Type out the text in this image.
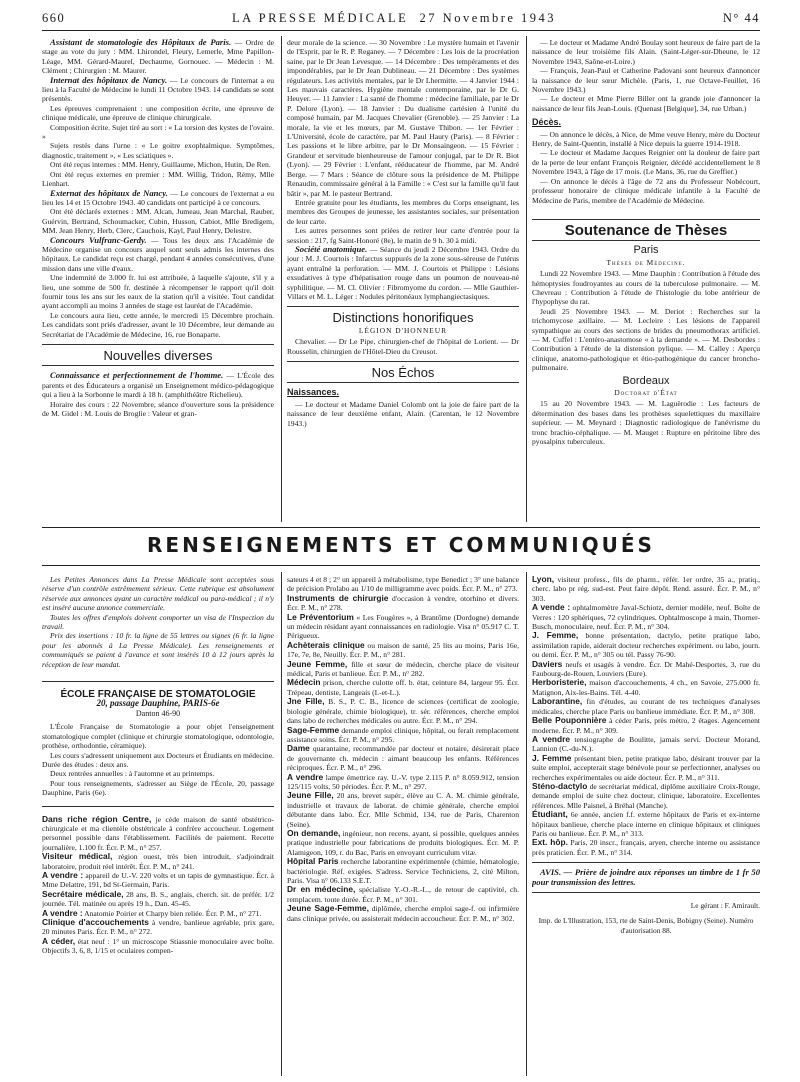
660	LA PRESSE MÉDICALE 27 Novembre 1943	N° 44

Assistant de stomatologie des Hôpitaux de Paris. — Ordre de stage au vote du jury : MM. Lhirondel, Fleury, Lemerle, Mme Papillon-Léage, MM. Gérard-Maurel, Dechaume, Gornouec. — Médecin : M. Clément ; Chirurgien : M. Maurer.

Internat des hôpitaux de Nancy. — Le concours de l'internat a eu lieu à la Faculté de Médecine le lundi 11 Octobre 1943. 14 candidats se sont présentés.

Les épreuves comprenaient : une composition écrite, une épreuve de clinique médicale, une épreuve de clinique chirurgicale.

Composition écrite. Sujet tiré au sort : « La torsion des kystes de l'ovaire. »

Sujets restés dans l'urne : « Le goitre exophtalmique. Symptômes, diagnostic, traitement », « Les sciatiques ».

Ont été reçus internes : MM. Henry, Guillaume, Michon, Hutin, De Ren.

Ont été reçus externes en premier : MM. Willig, Tridon, Rémy, Mlle Lienhart.

Externat des hôpitaux de Nancy. — Le concours de l'externat a eu lieu les 14 et 15 Octobre 1943. 40 candidats ont participé à ce concours.

Ont été déclarés externes : MM. Alcan, Jumeau, Jean Marchal, Rauber, Guérvin, Bertrand, Schoumacker, Cubin, Husson, Cabiot, Mlle Bredigem, MM. Jean Henry, Herb, Clerc, Cauchois, Kayl, Paul Henry, Delestre.

Concours Vulfranc-Gerdy. — Tous les deux ans l'Académie de Médecine organise un concours auquel sont seuls admis les internes des hôpitaux. Le candidat reçu est chargé, pendant 4 années consécutives, d'une mission dans une ville d'eaux.

Une indemnité de 3.000 fr. lui est attribuée, à laquelle s'ajoute, s'il y a lieu, une somme de 500 fr. destinée à récompenser le rapport qu'il doit fournir tous les ans sur les eaux de la station qu'il a visitée. Tout candidat ayant accompli au moins 3 années de stage est lauréat de l'Académie.

Le concours aura lieu, cette année, le mercredi 15 Décembre prochain. Les candidats sont priés d'adresser, avant le 10 Décembre, leur demande au Secrétariat de l'Académie de Médecine, 16, rue Bonaparte.

Nouvelles diverses

Connaissance et perfectionnement de l'homme. — L'École des parents et des Éducateurs a organisé un Enseignement médico-pédagogique qui a lieu à la Sorbonne le mardi à 18 h. (amphithéâtre Richelieu).

Horaire des cours : 22 Novembre, séance d'ouverture sous la présidence de M. Gidel : M. Louis de Broglie : Valeur et gran-

deur morale de la science. — 30 Novembre : Le mystère humain et l'avenir de l'Esprit, par le R. P. Reganey. — 7 Décembre : Les lois de la procréation saine, par le Dr Jean Levesque. — 14 Décembre : Des tempéraments et des impondérables, par le Dr Jean Dublineau. — 21 Décembre : Des systèmes régulateurs. Les activités mentales, par le Dr Lhermitte. — 4 Janvier 1944 : Les mauvais caractères. Hygiène mentale contemporaine, par le Dr G. Heuyer. — 11 Janvier : La santé de l'homme : médecine familiale, par le Dr P. Delore (Lyon). — 18 Janvier : Du dualisme cartésien à l'unité du composé humain, par M. Jacques Chevalier (Grenoble). — 25 Janvier : La morale, la vie et les mœurs, par M. Gustave Thibon. — 1er Février : L'Université, école de caractère, par M. Paul Haury (Paris). — 8 Février : Les passions et le libre arbitre, par le Dr Monsaingeon. — 15 Février : Grandeur et servitude bienheureuse de l'amour conjugal, par le Dr R. Biot (Lyon). — 29 Février : L'enfant, rééducateur de l'homme, par M. André Berge. — 7 Mars : Séance de clôture sous la présidence de M. Philippe Renaudin, commissaire général à la Famille : « C'est sur la famille qu'il faut bâtir », par M. le pasteur Bertrand.

Entrée gratuite pour les étudiants, les membres du Corps enseignant, les membres des Groupes de jeunesse, les assistantes sociales, sur présentation de leur carte.

Les autres personnes sont priées de retirer leur carte d'entrée pour la session : 217, fg Saint-Honoré (8e), le matin de 9 h. 30 à midi.

Société anatomique. — Séance du jeudi 2 Décembre 1943. Ordre du jour : M. J. Courtois : Infarctus suppurés de la zone sous-séreuse de l'utérus ayant entraîné la perforation. — MM. J. Courtois et Philippe : Lésions exsudatives à type d'hépatisation rouge dans un poumon de nouveau-né syphilitique. — M. Cl. Olivier : Fibromyome du cordon. — Mlle Gauthier-Villars et M. L. Léger : Nodules péritonéaux lymphangiectasiques.

Distinctions honorifiques
LÉGION D'HONNEUR

Chevalier. — Dr Le Pipe, chirurgien-chef de l'hôpital de Lorient. — Dr Rousselin, chirurgien de l'Hôtel-Dieu du Creusot.

Nos Échos
Naissances.

— Le docteur et Madame Daniel Colomb ont la joie de faire part de la naissance de leur deuxième enfant, Alain. (Carentan, le 12 Novembre 1943.)

— Le docteur et Madame André Boulay sont heureux de faire part de la naissance de leur troisième fils Alain. (Saint-Léger-sur-Dheune, le 12 Novembre 1943, Saône-et-Loire.)

— François, Jean-Paul et Catherine Padovani sont heureux d'annoncer la naissance de leur sœur Michèle. (Paris, 1, rue Octave-Feuillet, 16 Novembre 1943.)

— Le docteur et Mme Pierre Biller ont la grande joie d'annoncer la naissance de leur fils Jean-Louis. (Quenast [Belgique], 34, rue Urban.)

Décès.

— On annonce le décès, à Nice, de Mme veuve Henry, mère du Docteur Henry, de Saint-Quentin, installé à Nice depuis la guerre 1914-1918.

— Le docteur et Madame Jacques Reignier ont la douleur de faire part de la perte de leur enfant François Reignier, décédé accidentellement le 8 Novembre 1943, à l'âge de 17 mois. (Le Mans, 36, rue du Greffier.)

— On annonce le décès à l'âge de 72 ans du Professeur Nobécourt, professeur honoraire de clinique médicale infantile à la Faculté de Médecine de Paris, membre de l'Académie de Médecine.

Soutenance de Thèses
Paris
Thèses de Médecine.

Lundi 22 Novembre 1943. — Mme Dauphin : Contribution à l'étude des hémoptysies foudroyantes au cours de la tuberculose pulmonaire. — M. Chevreau : Contribution à l'étude de l'histologie du lobe antérieur de l'hypophyse du rat.

Jeudi 25 Novembre 1943. — M. Deriot : Recherches sur la trichomycose axillaire. — M. Lecleire : Les lésions de l'appareil sympathique au cours des sections de brides du pneumothorax artificiel. — M. Cuffel : L'entéro-anastomose « à la demande ». — M. Desbordes : Contribution à l'étude de la distension pylique. — M. Calley : Aperçu clinique, anatomo-pathologique et étio-pathogénique du cancer broncho-pulmonaire.

Bordeaux
Doctorat d'État

15 au 20 Novembre 1943. — M. Laguërodie : Les facteurs de détermination des bases dans les prothèses squelettiques du maxillaire supérieur. — M. Meynard : Diagnostic radiologique de l'anévrisme du tronc brachio-céphalique. — M. Mauget : Rupture en péritoine libre des pyosalpinx tuberculeux.

RENSEIGNEMENTS ET COMMUNIQUÉS

Les Petites Annonces dans La Presse Médicale sont acceptées sous réserve d'un contrôle extrêmement sérieux. Cette rubrique est absolument réservée aux annonces ayant un caractère médical ou para-médical ; il n'y est inséré aucune annonce commerciale.

Toutes les offres d'emplois doivent comporter un visa de l'Inspection du travail.

Prix des insertions : 10 fr. la ligne de 55 lettres ou signes (6 fr. la ligne pour les abonnés à La Presse Médicale). Les renseignements et communiqués se paient à l'avance et sont insérés 10 à 12 jours après la réception de leur mandat.

ÉCOLE FRANÇAISE DE STOMATOLOGIE
20, passage Dauphine, PARIS-6e
Danton 46-90

L'École Française de Stomatologie a pour objet l'enseignement stomatologique complet (clinique et chirurgie stomatologique, odontologie, prothèse, orthodontie, céramique).

Les cours s'adressent uniquement aux Docteurs et Étudiants en médecine. Durée des études : deux ans.

Deux rentrées annuelles : à l'automne et au printemps.

Pour tous renseignements, s'adresser au Siège de l'École, 20, passage Dauphine, Paris (6e).

Dans riche région Centre, je cède maison de santé obstétrico-chirurgicale et ma clientèle obstétricale à confrère accoucheur. Logement personnel possible dans l'établissement. Facilités de paiement. Recette journalière, 1.100 fr. Écr. P. M., n° 257.

Visiteur médical, région ouest, très bien introduit, s'adjoindrait laboratoire, produit réel intérêt. Écr. P. M., n° 241.

A vendre : appareil de U.-V. 220 volts et un tapis de gymnastique. Écr. à Mme Delattre, 191, bd St-Germain, Paris.

Secrétaire médicale, 28 ans, B. S., anglais, cherch. sit. de préfér. 1/2 journée. Tél. matinée ou après 19 h., Dan. 45-45.

A vendre : Anatomie Poirier et Charpy bien reliée. Écr. P. M., n° 271.

Clinique d'accouchements à vendre, banlieue agréable, prix gare, 20 minutes Paris. Écr. P. M., n° 272.

A céder, état neuf : 1° un microscope Stiassnie monoculaire avec boîte. Objectifs 3, 6, 8, 1/15 et oculaires compen-

sateurs 4 et 8 ; 2° un appareil à métabolisme, type Benedict ; 3° une balance de précision Prolabo au 1/10 de milligramme avec poids. Écr. P. M., n° 273.

Instruments de chirurgie d'occasion à vendre, otorhino et divers. Écr. P. M., n° 278.

Le Préventorium « Les Fougères », à Brantôme (Dordogne) demande un médecin résidant ayant connaissances en radiologie. Visa n° 05.917 C. T. Périgueux.

Achèterais clinique ou maison de santé, 25 lits au moins, Paris 16e, 17e, 7e, 8e, Neuilly. Écr. P. M., n° 281.

Jeune Femme, fille et sœur de médecin, cherche place de visiteur médical, Paris et banlieue. Écr. P. M., n° 282.

Médecin prison, cherche culotte off. b. état, ceinture 84, largeur 95. Écr. Trépeau, dentiste, Langeais (I.-et-L.).

Jne Fille, B. S., P. C. B., licence de sciences (certificat de zoologie, biologie générale, chimie biologique), tr. sér. références, cherche emploi dans labo de recherches médicales ou autre. Écr. P. M., n° 294.

Sage-Femme demande emploi clinique, hôpital, ou ferait remplacement assistance soins. Écr. P. M., n° 295.

Dame quarantaine, recommandée par docteur et notaire, désirerait place de gouvernante ch. médecin : aimant beaucoup les enfants. Références réciproques. Écr. P. M., n° 296.

A vendre lampe émettrice ray. U.-V. type 2.115 P. n° 8.059.912, tension 125/115 volts, 50 périodes. Écr. P. M., n° 297.

Jeune Fille, 20 ans, brevet supér., élève au C. A. M. chimie générale, industrielle et travaux de laborat. de chimie générale, cherche emploi débutante dans labo. Écr. Mlle Schmid, 134, rue de Paris, Charenton (Seine).

On demande, ingénieur, non recens. ayant, si possible, quelques années pratique industrielle pour fabrications de produits biologiques. Écr. M. P. Alamigeon, 109, r. du Bac, Paris en envoyant curriculum vitæ.

Hôpital Paris recherche laborantine expérimentée (chimie, hématologie, bactériologie. Réf. exigées. S'adress. Service Techniciens, 2, cité Milton, Paris. Visa n° 06.133 S.E.T.

Dr en médecine, spécialiste Y.-O.-R.-L., de retour de captivité, ch. remplacem. toute durée. Écr. P. M., n° 301.

Jeune Sage-Femme, diplômée, cherche emploi sage-f. ou infirmière dans clinique privée, ou assisterait médecin accoucheur. Écr. P. M., n° 302.

Lyon, visiteur profess., fils de pharm., référ. 1er ordre, 35 a., pratiq., cherc. labo pr rég. sud-est. Peut faire dépôt. Rend. assuré. Écr. P. M., n° 303.

A vende : ophtalmomètre Javal-Schiotz, dernier modèle, neuf. Boîte de Verres : 120 sphériques, 72 cylindriques. Ophtalmoscope à main, Thorner-Busch, monoculaire, neuf. Écr. P. M., n° 304.

J. Femme, bonne présentation, dactylo, petite pratique labo, assimilation rapide, aiderait docteur recherches expériment. ou labo, journ. ou demi. Écr. P. M., n° 305 ou tél. Passy 76-90.

Daviers neufs et usagés à vendre. Écr. Dr Mahé-Desportes, 3, rue du Faubourg-de-Rouen, Louviers (Eure).

Herboristerie, maison d'accouchements, 4 ch., en Savoie, 275.000 fr. Matignon, Aix-les-Bains. Tél. 4-40.

Laborantine, fin d'études, au courant de tes techniques d'analyses médicales, cherche place Paris ou banlieue immédiate. Écr. P. M., n° 308.

Belle Pouponnière à céder Paris, près métro, 2 étages. Agencement moderne. Écr. P. M., n° 309.

A vendre tensiographe de Boulitte, jamais servi. Docteur Morand, Lannion (C.-du-N.).

J. Femme présentant bien, petite pratique labo, désirant trouver par la suite emploi, accepterait stage bénévole pour se perfectionner, analyses ou recherches expérimentales ou aide docteur. Écr. P. M., n° 311.

Sténo-dactylo de secrétariat médical, diplôme auxiliaire Croix-Rouge, demande emploi de suite chez docteur, clinique, laboratoire. Excellentes références. Mlle Paisnel, à Bréhal (Manche).

Étudiant, 6e année, ancien f.f. externe hôpitaux de Paris et ex-interne hôpitaux banlieue, cherche place interne en clinique hôpitaux et cliniques Paris ou banlieue. Écr. P. M., n° 313.

Ext. hôp. Paris, 20 inscr., français, aryen, cherche interne ou assistance près praticien. Écr. P. M., n° 314.

AVIS. — Prière de joindre aux réponses un timbre de 1 fr 50 pour transmission des lettres.

Le gérant : F. Amirault.
Imp. de L'Illustration, 153, rte de Saint-Denis, Bobigny (Seine). Numéro d'autorisation 88.
